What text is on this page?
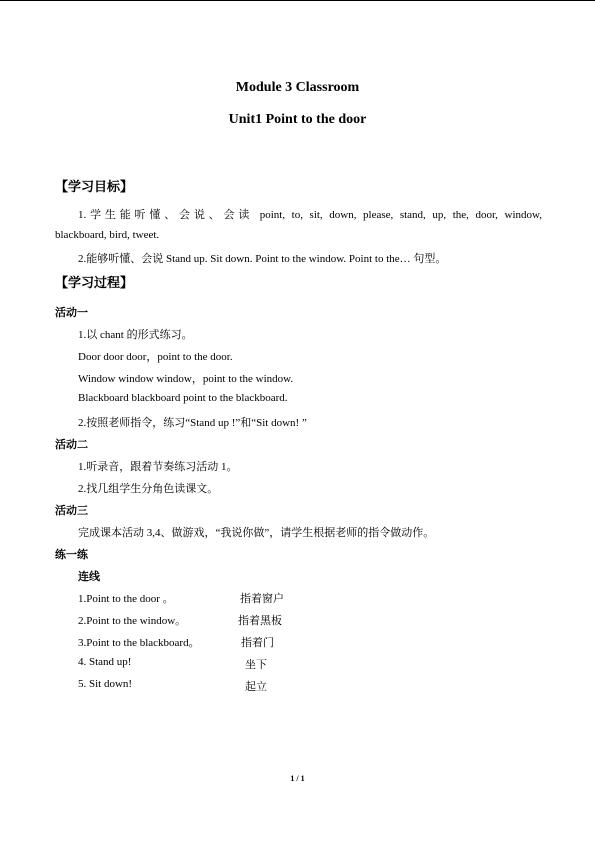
Module 3 Classroom
Unit1 Point to the door
【学习目标】
1.学生能听懂、会说、会读 point, to, sit, down, please, stand, up, the, door, window,
blackboard, bird, tweet.
2.能够听懂、会说 Stand up. Sit down. Point to the window. Point to the… 句型。
【学习过程】
活动一
1.以 chant 的形式练习。
Door door door，point to the door.
Window window window，point to the window.
Blackboard blackboard point to the blackboard.
2.按照老师指令，练习“Stand up !”和“Sit down! ”
活动二
1.听录音，跟着节奏练习活动 1。
2.找几组学生分角色读课文。
活动三
完成课本活动 3,4、做游戏，“我说你做”，请学生根据老师的指令做动作。
练一练
连线
1.Point to the door 。
2.Point to the window。
3.Point to the blackboard。
4. Stand up!
5. Sit down!
指着窗户
指着黑板
指着门
坐下
起立
1 / 1
